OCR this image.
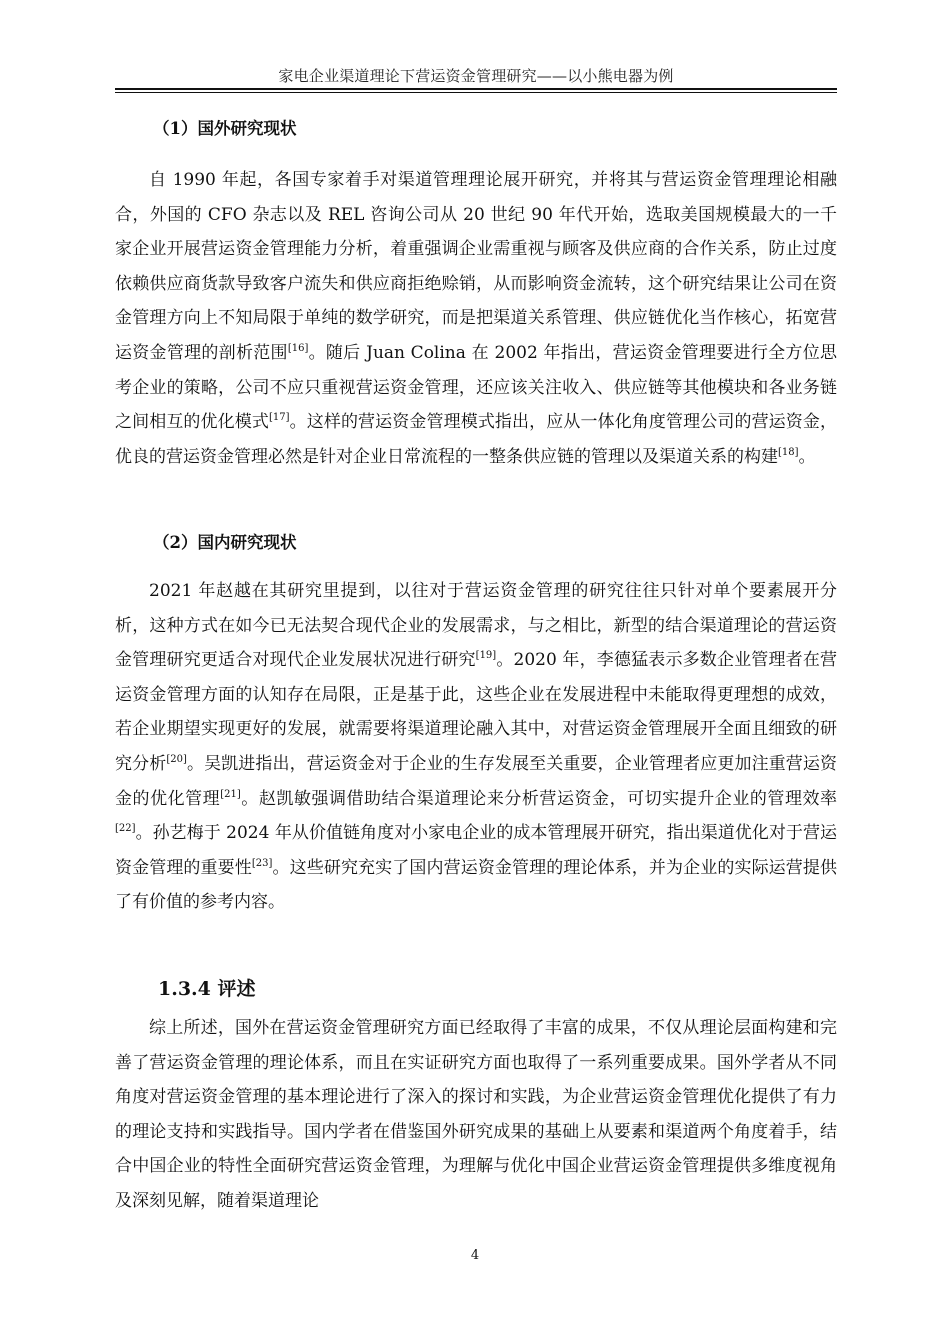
家电企业渠道理论下营运资金管理研究——以小熊电器为例
（1）国外研究现状

自 1990 年起，各国专家着手对渠道管理理论展开研究，并将其与营运资金管理理论相融合，外国的 CFO 杂志以及 REL 咨询公司从 20 世纪 90 年代开始，选取美国规模最大的一千家企业开展营运资金管理能力分析，着重强调企业需重视与顾客及供应商的合作关系，防止过度依赖供应商货款导致客户流失和供应商拒绝赊销，从而影响资金流转，这个研究结果让公司在资金管理方向上不知局限于单纯的数学研究，而是把渠道关系管理、供应链优化当作核心，拓宽营运资金管理的剖析范围[16]。随后 Juan Colina 在 2002 年指出，营运资金管理要进行全方位思考企业的策略，公司不应只重视营运资金管理，还应该关注收入、供应链等其他模块和各业务链之间相互的优化模式[17]。这样的营运资金管理模式指出，应从一体化角度管理公司的营运资金，优良的营运资金管理必然是针对企业日常流程的一整条供应链的管理以及渠道关系的构建[18]。

（2）国内研究现状

2021 年赵越在其研究里提到，以往对于营运资金管理的研究往往只针对单个要素展开分析，这种方式在如今已无法契合现代企业的发展需求，与之相比，新型的结合渠道理论的营运资金管理研究更适合对现代企业发展状况进行研究[19]。2020 年，李德猛表示多数企业管理者在营运资金管理方面的认知存在局限，正是基于此，这些企业在发展进程中未能取得更理想的成效，若企业期望实现更好的发展，就需要将渠道理论融入其中，对营运资金管理展开全面且细致的研究分析[20]。吴凯进指出，营运资金对于企业的生存发展至关重要，企业管理者应更加注重营运资金的优化管理[21]。赵凯敏强调借助结合渠道理论来分析营运资金，可切实提升企业的管理效率[22]。孙艺梅于 2024 年从价值链角度对小家电企业的成本管理展开研究，指出渠道优化对于营运资金管理的重要性[23]。这些研究充实了国内营运资金管理的理论体系，并为企业的实际运营提供了有价值的参考内容。

1.3.4 评述

综上所述，国外在营运资金管理研究方面已经取得了丰富的成果，不仅从理论层面构建和完善了营运资金管理的理论体系，而且在实证研究方面也取得了一系列重要成果。国外学者从不同角度对营运资金管理的基本理论进行了深入的探讨和实践，为企业营运资金管理优化提供了有力的理论支持和实践指导。国内学者在借鉴国外研究成果的基础上从要素和渠道两个角度着手，结合中国企业的特性全面研究营运资金管理，为理解与优化中国企业营运资金管理提供多维度视角及深刻见解，随着渠道理论

4
